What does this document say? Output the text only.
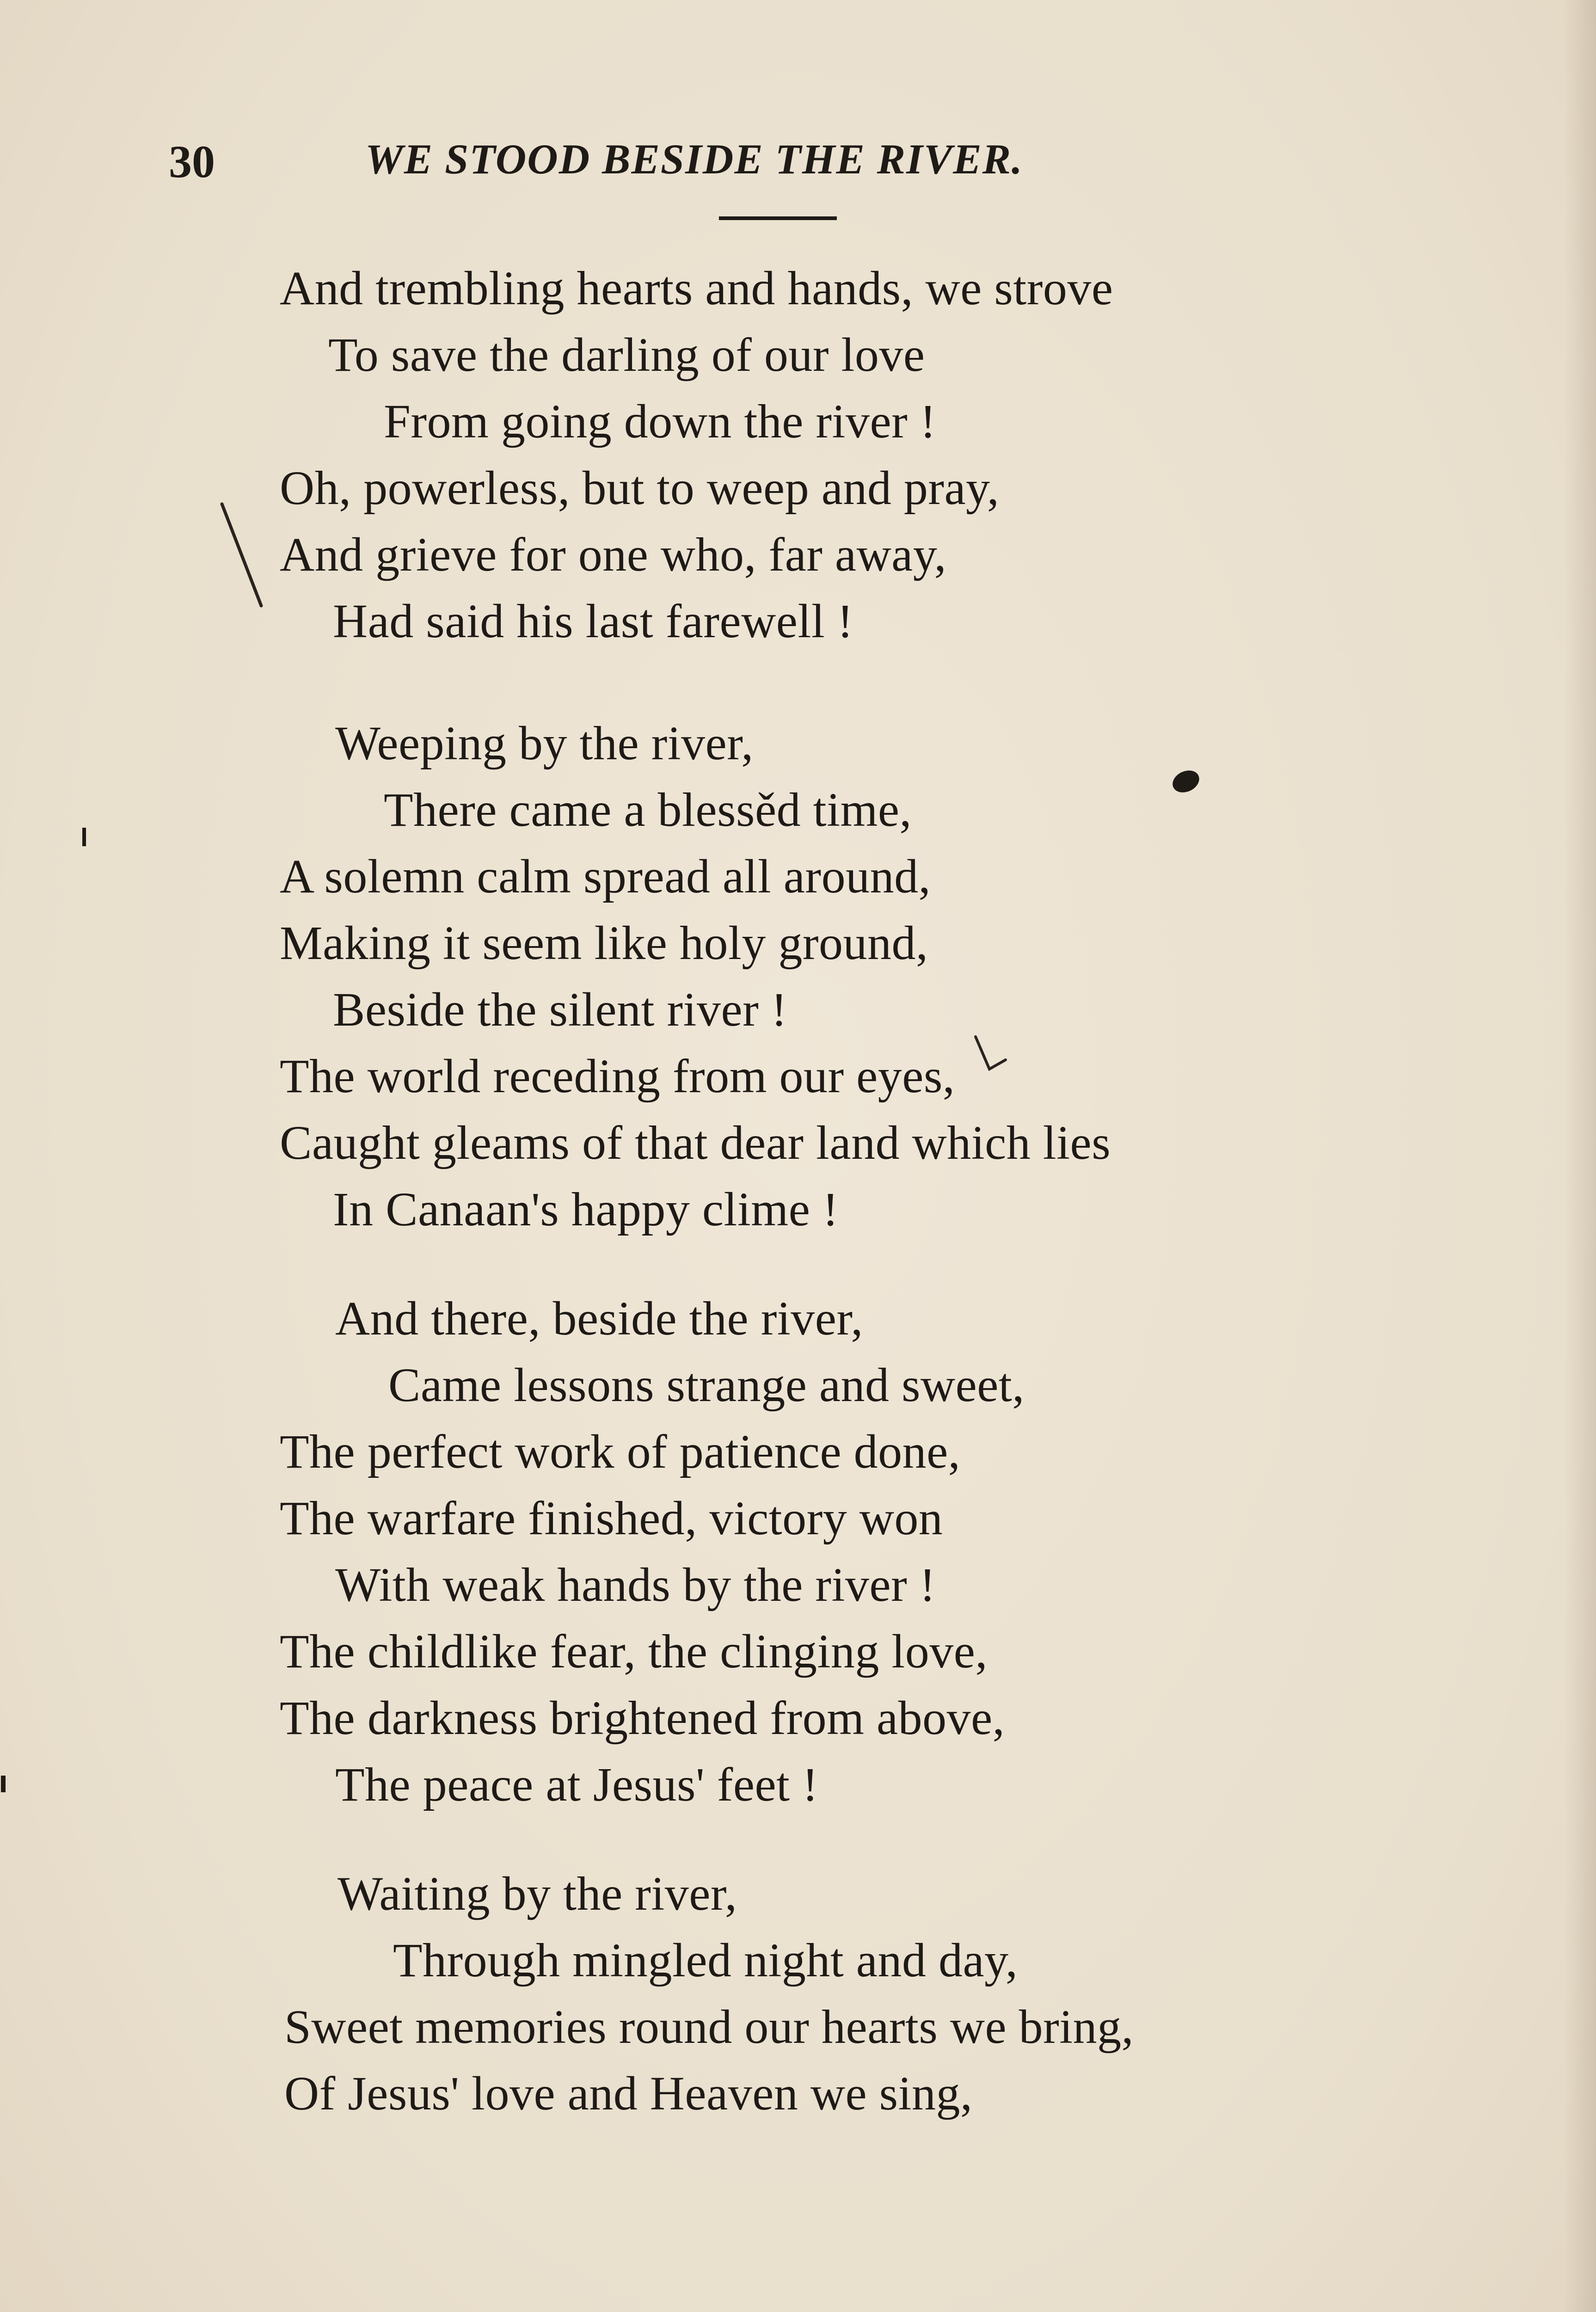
30	WE STOOD BESIDE THE RIVER.
And trembling hearts and hands, we strove
To save the darling of our love
From going down the river !
Oh, powerless, but to weep and pray,
And grieve for one who, far away,
Had said his last farewell !
Weeping by the river,
There came a blessěd time,
A solemn calm spread all around,
Making it seem like holy ground,
Beside the silent river !
The world receding from our eyes,
Caught gleams of that dear land which lies
In Canaan's happy clime !
And there, beside the river,
Came lessons strange and sweet,
The perfect work of patience done,
The warfare finished, victory won
With weak hands by the river !
The childlike fear, the clinging love,
The darkness brightened from above,
The peace at Jesus' feet !
Waiting by the river,
Through mingled night and day,
Sweet memories round our hearts we bring,
Of Jesus' love and Heaven we sing,
